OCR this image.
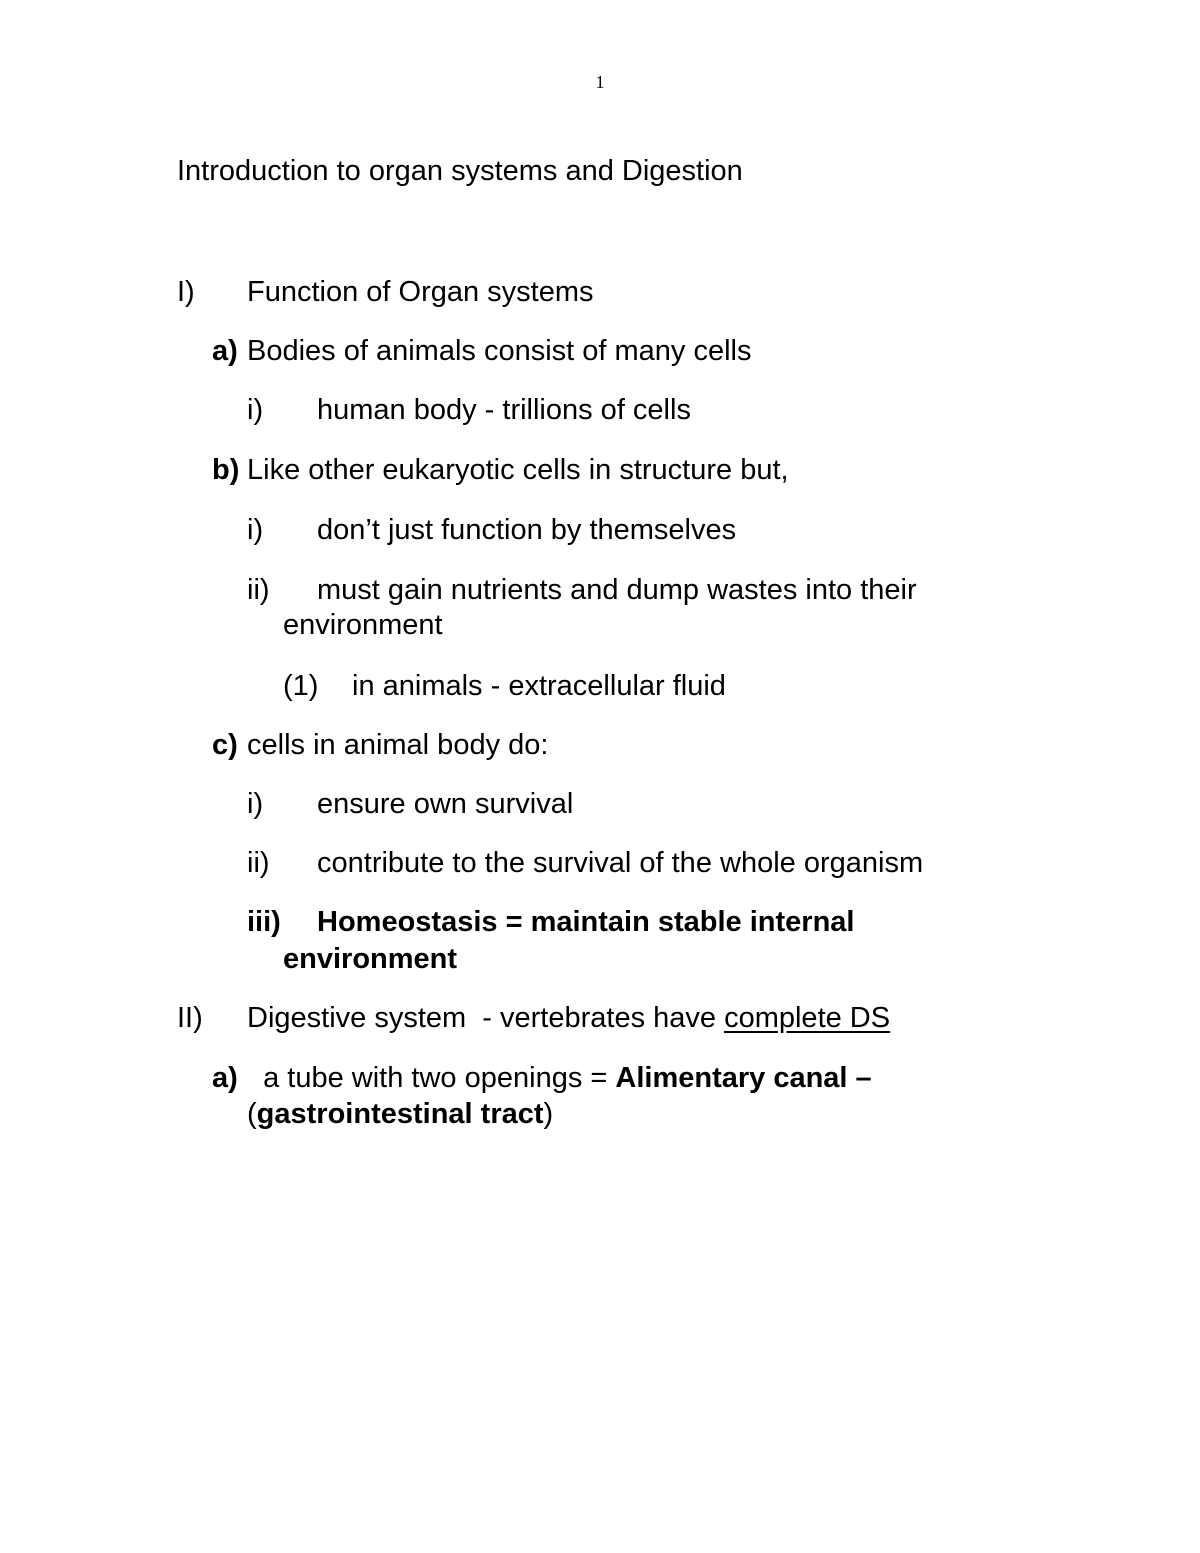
1
Introduction to organ systems and Digestion
I) Function of Organ systems
a) Bodies of animals consist of many cells
i) human body - trillions of cells
b) Like other eukaryotic cells in structure but,
i) don’t just function by themselves
ii) must gain nutrients and dump wastes into their
environment
(1) in animals - extracellular fluid
c) cells in animal body do:
i) ensure own survival
ii) contribute to the survival of the whole organism
iii) Homeostasis = maintain stable internal
environment
II) Digestive system  - vertebrates have complete DS
a) a tube with two openings = Alimentary canal –
(gastrointestinal tract)
